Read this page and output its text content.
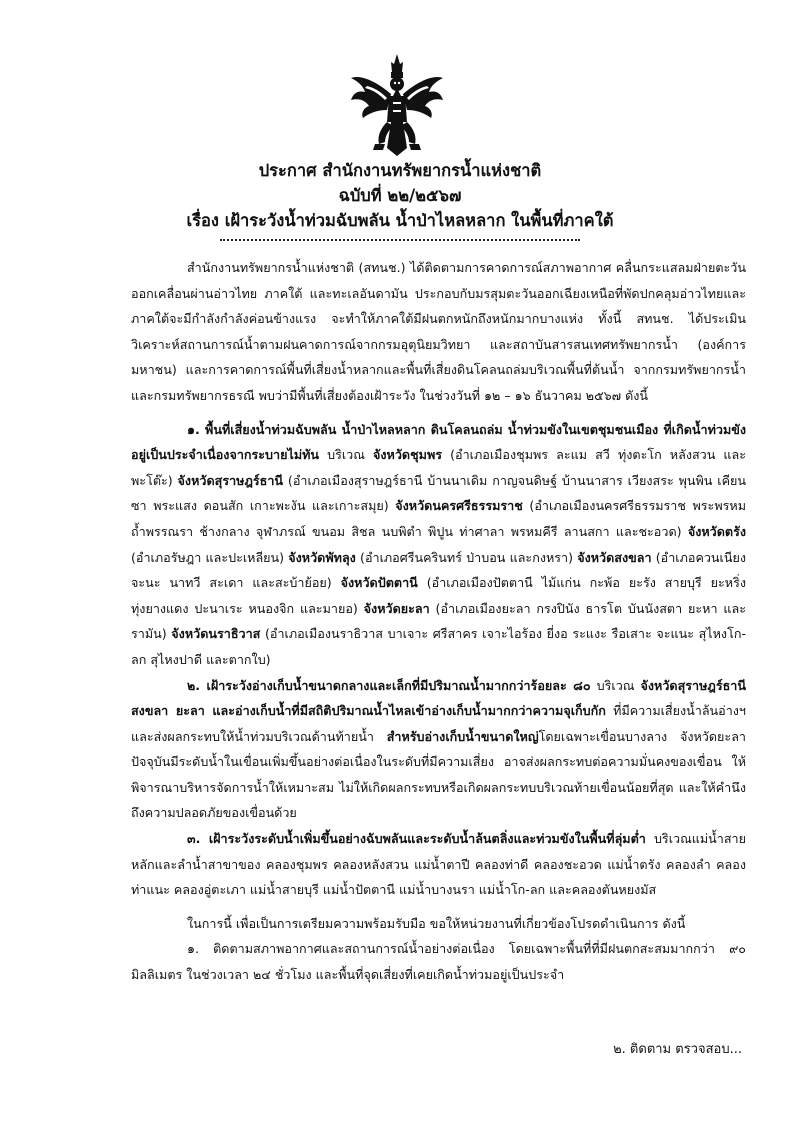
ประกาศ สำนักงานทรัพยากรน้ำแห่งชาติ
ฉบับที่ ๒๒/๒๕๖๗
เรื่อง เฝ้าระวังน้ำท่วมฉับพลัน น้ำป่าไหลหลาก ในพื้นที่ภาคใต้

สำนักงานทรัพยากรน้ำแห่งชาติ (สทนช.) ได้ติดตามการคาดการณ์สภาพอากาศ คลื่นกระแสลมฝ่ายตะวันออกเคลื่อนผ่านอ่าวไทย ภาคใต้ และทะเลอันดามัน ประกอบกับมรสุมตะวันออกเฉียงเหนือที่พัดปกคลุมอ่าวไทยและภาคใต้จะมีกำลังกำลังค่อนข้างแรง จะทำให้ภาคใต้มีฝนตกหนักถึงหนักมากบางแห่ง ทั้งนี้ สทนช. ได้ประเมินวิเคราะห์สถานการณ์น้ำตามฝนคาดการณ์จากกรมอุตุนิยมวิทยา และสถาบันสารสนเทศทรัพยากรน้ำ (องค์การมหาชน) และการคาดการณ์พื้นที่เสี่ยงน้ำหลากและพื้นที่เสี่ยงดินโคลนถล่มบริเวณพื้นที่ต้นน้ำ จากกรมทรัพยากรน้ำและกรมทรัพยากรธรณี พบว่ามีพื้นที่เสี่ยงต้องเฝ้าระวัง ในช่วงวันที่ ๑๒ – ๑๖ ธันวาคม ๒๕๖๗ ดังนี้

๑. พื้นที่เสี่ยงน้ำท่วมฉับพลัน น้ำป่าไหลหลาก ดินโคลนถล่ม น้ำท่วมขังในเขตชุมชนเมือง ที่เกิดน้ำท่วมขังอยู่เป็นประจำเนื่องจากระบายไม่ทัน บริเวณ จังหวัดชุมพร (อำเภอเมืองชุมพร ละแม สวี ทุ่งตะโก หลังสวน และพะโต๊ะ) จังหวัดสุราษฎร์ธานี (อำเภอเมืองสุราษฎร์ธานี บ้านนาเดิม กาญจนดิษฐ์ บ้านนาสาร เวียงสระ พุนพิน เคียนซา พระแสง ดอนสัก เกาะพะงัน และเกาะสมุย) จังหวัดนครศรีธรรมราช (อำเภอเมืองนครศรีธรรมราช พระพรหม ถ้ำพรรณรา ช้างกลาง จุฬาภรณ์ ขนอม สิชล นบพิตำ พิปูน ท่าศาลา พรหมคีรี ลานสกา และชะอวด) จังหวัดตรัง (อำเภอรัษฎา และปะเหลียน) จังหวัดพัทลุง (อำเภอศรีนครินทร์ ป่าบอน และกงหรา) จังหวัดสงขลา (อำเภอควนเนียง จะนะ นาทวี สะเดา และสะบ้าย้อย) จังหวัดปัตตานี (อำเภอเมืองปัตตานี ไม้แก่น กะพ้อ ยะรัง สายบุรี ยะหริ่ง ทุ่งยางแดง ปะนาเระ หนองจิก และมายอ) จังหวัดยะลา (อำเภอเมืองยะลา กรงปินัง ธารโต บันนังสตา ยะหา และรามัน) จังหวัดนราธิวาส (อำเภอเมืองนราธิวาส บาเจาะ ศรีสาคร เจาะไอร้อง ยี่งอ ระแงะ รือเสาะ จะแนะ สุไหงโก-ลก สุไหงปาดี และตากใบ)

๒. เฝ้าระวังอ่างเก็บน้ำขนาดกลางและเล็กที่มีปริมาณน้ำมากกว่าร้อยละ ๘๐ บริเวณ จังหวัดสุราษฎร์ธานี สงขลา ยะลา และอ่างเก็บน้ำที่มีสถิติปริมาณน้ำไหลเข้าอ่างเก็บน้ำมากกว่าความจุเก็บกัก ที่มีความเสี่ยงน้ำล้นอ่างฯ และส่งผลกระทบให้น้ำท่วมบริเวณด้านท้ายน้ำ สำหรับอ่างเก็บน้ำขนาดใหญ่โดยเฉพาะเขื่อนบางลาง จังหวัดยะลา ปัจจุบันมีระดับน้ำในเขื่อนเพิ่มขึ้นอย่างต่อเนื่องในระดับที่มีความเสี่ยง อาจส่งผลกระทบต่อความมั่นคงของเขื่อน ให้พิจารณาบริหารจัดการน้ำให้เหมาะสม ไม่ให้เกิดผลกระทบหรือเกิดผลกระทบบริเวณท้ายเขื่อนน้อยที่สุด และให้คำนึงถึงความปลอดภัยของเขื่อนด้วย

๓. เฝ้าระวังระดับน้ำเพิ่มขึ้นอย่างฉับพลันและระดับน้ำล้นตลิ่งและท่วมขังในพื้นที่ลุ่มต่ำ บริเวณแม่น้ำสายหลักและลำน้ำสาขาของ คลองชุมพร คลองหลังสวน แม่น้ำตาปี คลองท่าดี คลองชะอวด แม่น้ำตรัง คลองลำ คลองท่าแนะ คลองอู่ตะเภา แม่น้ำสายบุรี แม่น้ำปัตตานี แม่น้ำบางนรา แม่น้ำโก-ลก และคลองตันหยงมัส

ในการนี้ เพื่อเป็นการเตรียมความพร้อมรับมือ ขอให้หน่วยงานที่เกี่ยวข้องโปรดดำเนินการ ดังนี้

๑. ติดตามสภาพอากาศและสถานการณ์น้ำอย่างต่อเนื่อง โดยเฉพาะพื้นที่ที่มีฝนตกสะสมมากกว่า ๙๐ มิลลิเมตร ในช่วงเวลา ๒๔ ชั่วโมง และพื้นที่จุดเสี่ยงที่เคยเกิดน้ำท่วมอยู่เป็นประจำ

๒. ติดตาม ตรวจสอบ...
